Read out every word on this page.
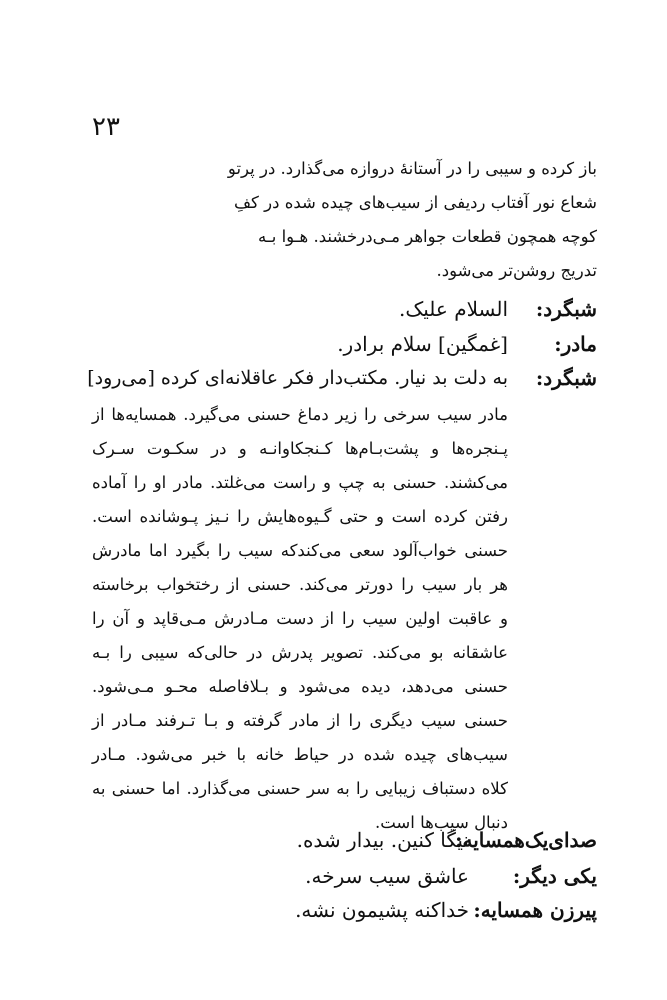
۲۳
باز کرده و سیبی را در آستانهٔ دروازه می‌گذارد. در پرتو
شعاع نور آفتاب ردیفی از سیب‌های چیده شده در کفِ
کوچه همچون قطعات جواهر مـی‌درخشند. هـوا بـه
تدریج روشن‌تر می‌شود.
شبگرد:
السلام علیک.
مادر:
[غمگین] سلام برادر.
شبگرد:
به دلت بد نیار. مکتب‌دار فکر عاقلانه‌ای کرده [می‌رود]
مادر سیب سرخی را زیر دماغ حسنی می‌گیرد. همسایه‌ها از
پـنجره‌ها و پشت‌بـام‌ها کـنجکاوانـه و در سکـوت سـرک
می‌کشند. حسنی به چپ و راست می‌غلتد. مادر او را آماده
رفتن کرده است و حتی گـیوه‌هایش را نـیز‌ پـوشانده است.
حسنی خواب‌آلود سعی می‌کندکه سیب را بگیرد اما مادرش
هر بار سیب را دورتر می‌کند. حسنی از رختخواب برخاسته
و عاقبت اولین سیب را از دست مـادرش مـی‌قاپد و آن را
عاشقانه بو می‌کند. تصویر پدرش در حالی‌که سیبی را بـه
حسنی می‌دهد، دیده می‌شود و بـلافاصله محـو مـی‌شود.
حسنی سیب دیگری را از مادر گرفته و بـا تـرفند مـادر از
سیب‌های چیده شده در حیاط خانه با خبر می‌شود. مـادر
کلاه دستباف زیبایی را به سر حسنی می‌گذارد. اما حسنی به
دنبال سیب‌ها است.
صدای‌یک‌همسایه:
نیگا کنین. بیدار شده.
یکی دیگر:
عاشق سیب سرخه.
پیرزن همسایه:
خداکنه پشیمون نشه.
